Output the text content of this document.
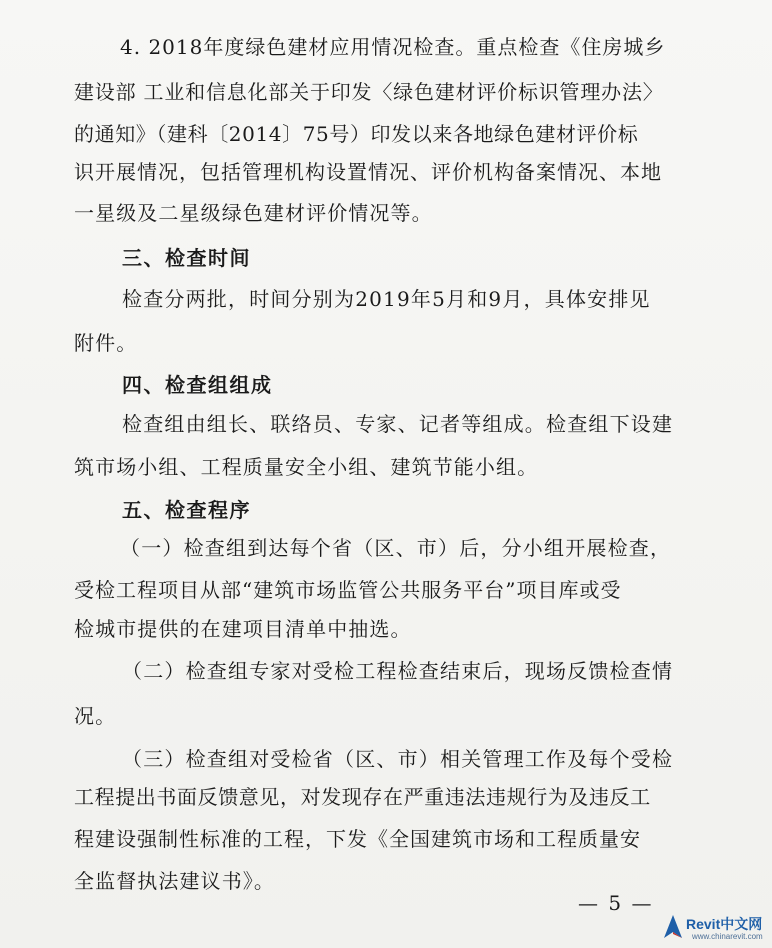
4. 2018年度绿色建材应用情况检查。重点检查《住房城乡
建设部 工业和信息化部关于印发〈绿色建材评价标识管理办法〉
的通知》（建科〔2014〕75号）印发以来各地绿色建材评价标
识开展情况，包括管理机构设置情况、评价机构备案情况、本地
一星级及二星级绿色建材评价情况等。
三、检查时间
检查分两批，时间分别为2019年5月和9月，具体安排见
附件。
四、检查组组成
检查组由组长、联络员、专家、记者等组成。检查组下设建
筑市场小组、工程质量安全小组、建筑节能小组。
五、检查程序
（一）检查组到达每个省（区、市）后，分小组开展检查，
受检工程项目从部“建筑市场监管公共服务平台”项目库或受
检城市提供的在建项目清单中抽选。
（二）检查组专家对受检工程检查结束后，现场反馈检查情
况。
（三）检查组对受检省（区、市）相关管理工作及每个受检
工程提出书面反馈意见，对发现存在严重违法违规行为及违反工
程建设强制性标准的工程，下发《全国建筑市场和工程质量安
全监督执法建议书》。
— 5 —
Revit中文网
www.chinarevit.com
